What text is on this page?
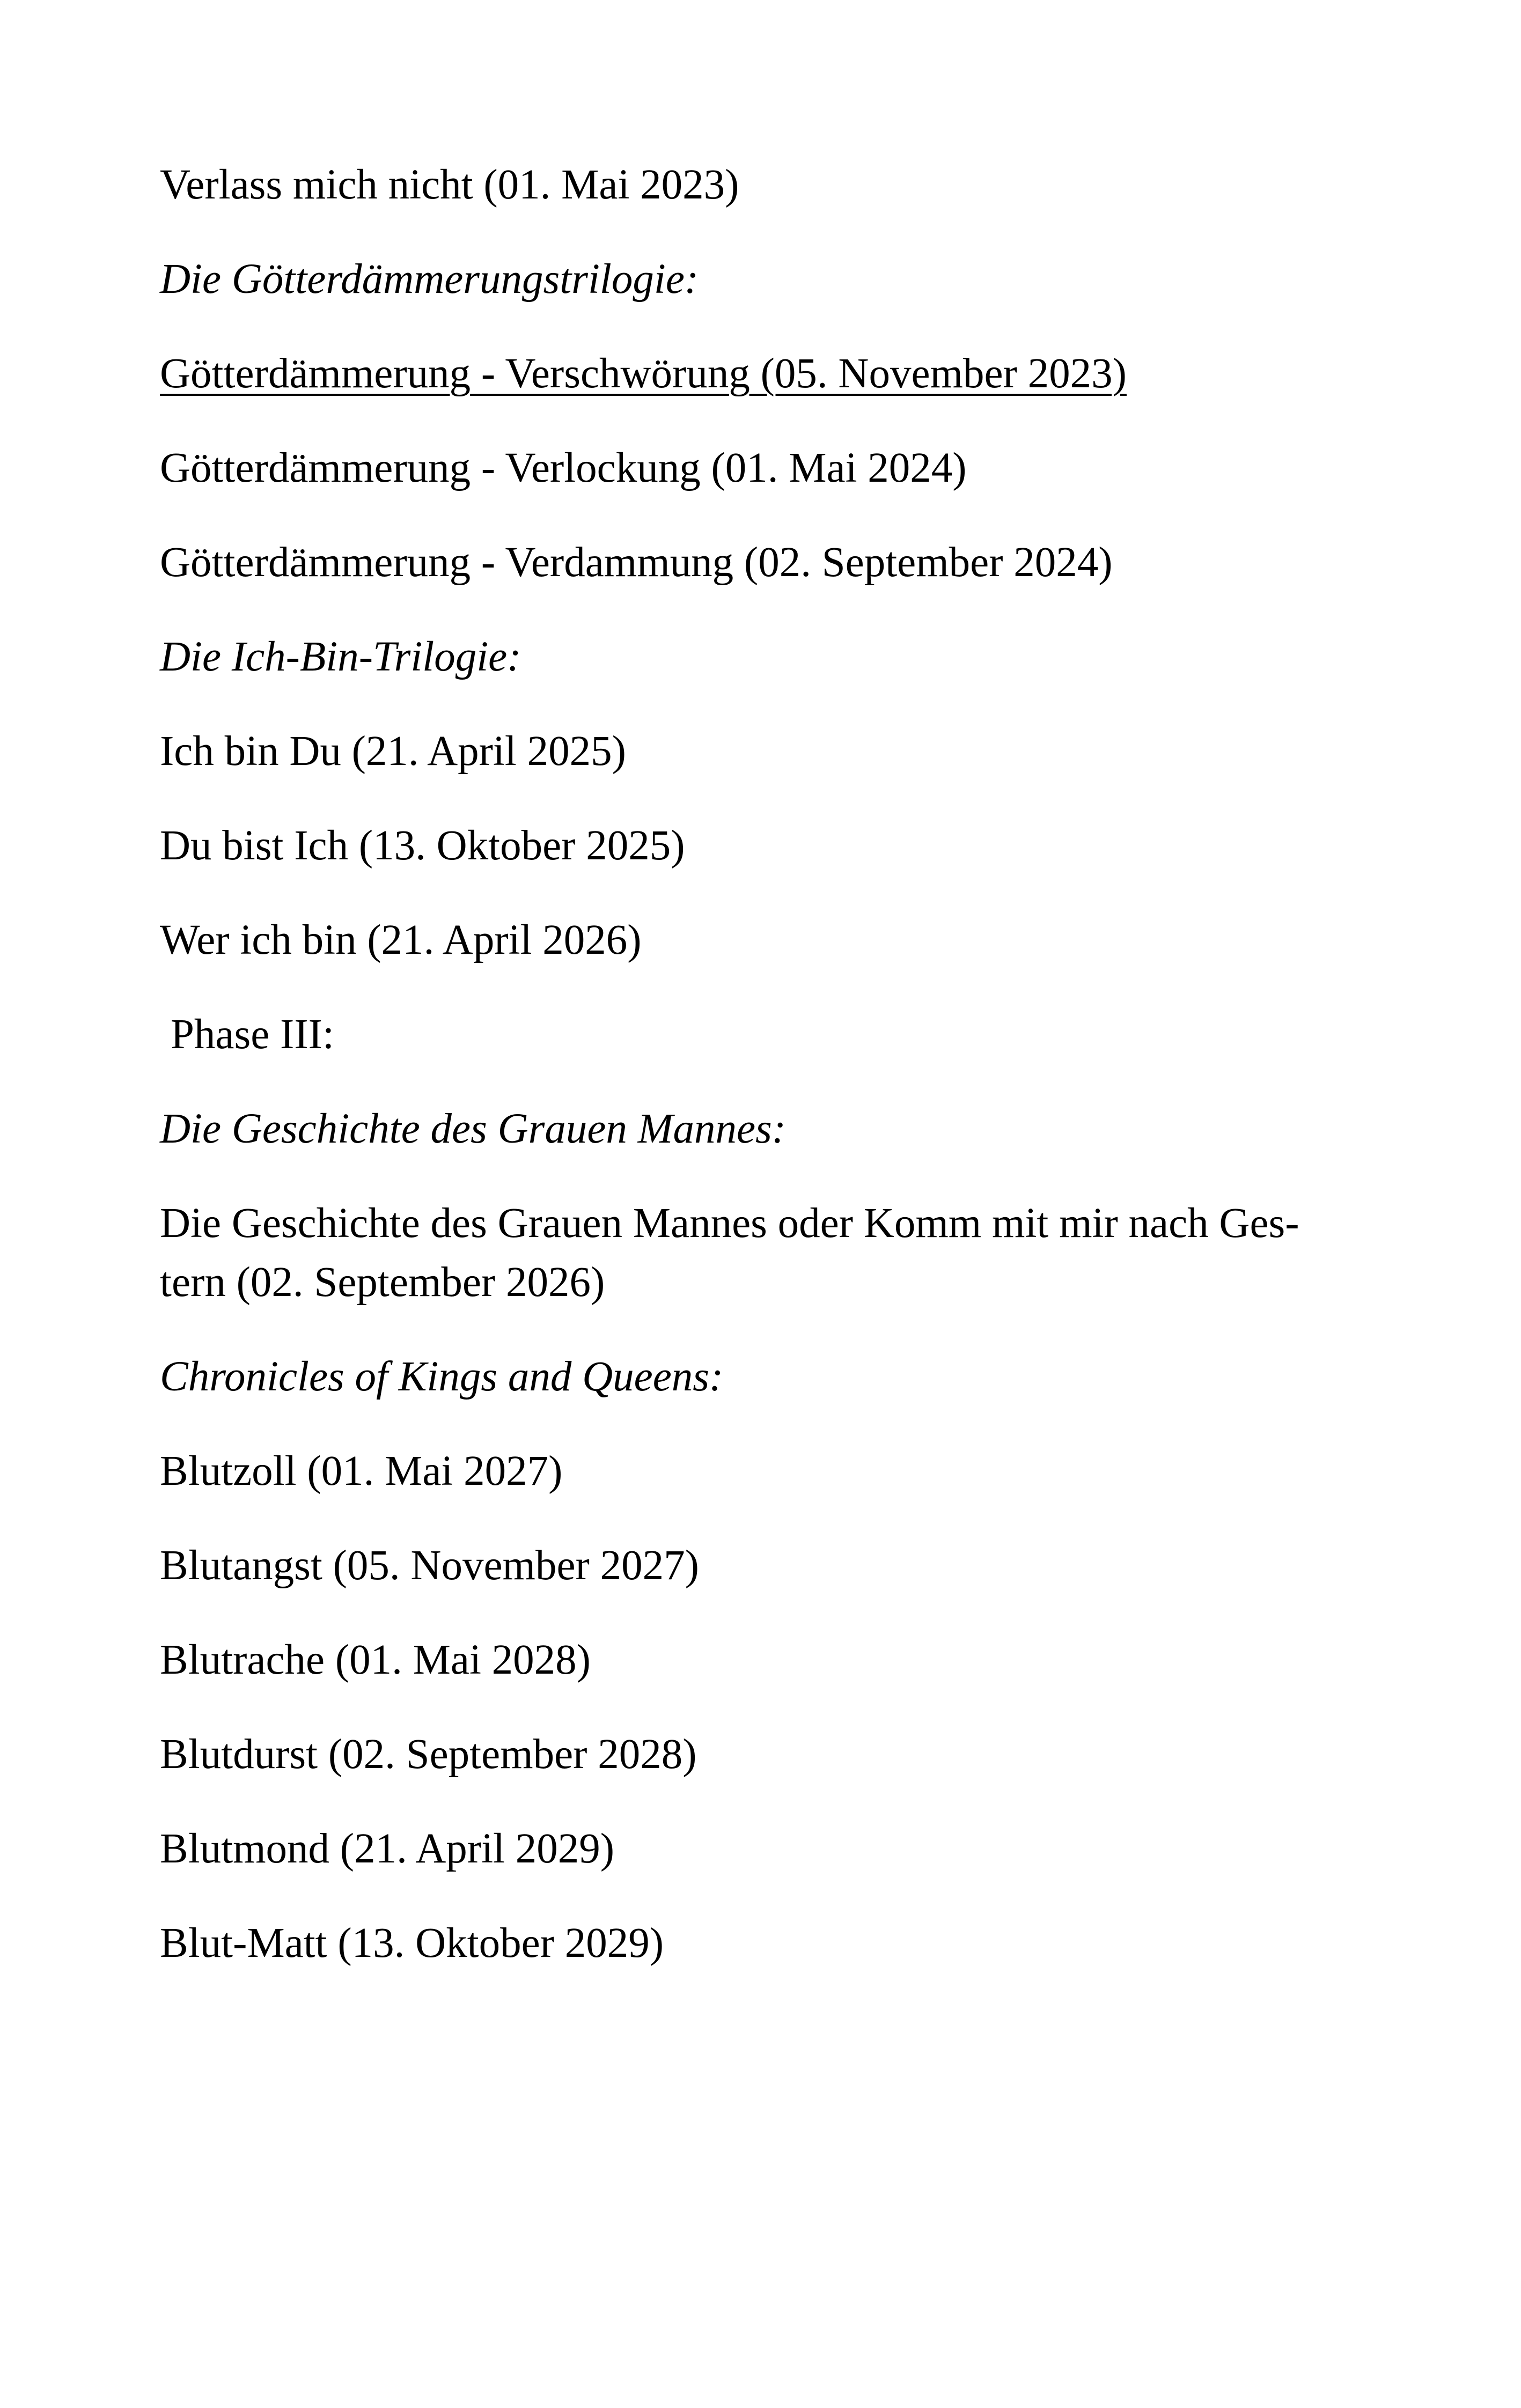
Verlass mich nicht (01. Mai 2023)
Die Götterdämmerungstrilogie:
Götterdämmerung - Verschwörung (05. November 2023)
Götterdämmerung - Verlockung (01. Mai 2024)
Götterdämmerung - Verdammung (02. September 2024)
Die Ich-Bin-Trilogie:
Ich bin Du (21. April 2025)
Du bist Ich (13. Oktober 2025)
Wer ich bin (21. April 2026)
Phase III:
Die Geschichte des Grauen Mannes:
Die Geschichte des Grauen Mannes oder Komm mit mir nach Ges-
tern (02. September 2026)
Chronicles of Kings and Queens:
Blutzoll (01. Mai 2027)
Blutangst (05. November 2027)
Blutrache (01. Mai 2028)
Blutdurst (02. September 2028)
Blutmond (21. April 2029)
Blut-Matt (13. Oktober 2029)
